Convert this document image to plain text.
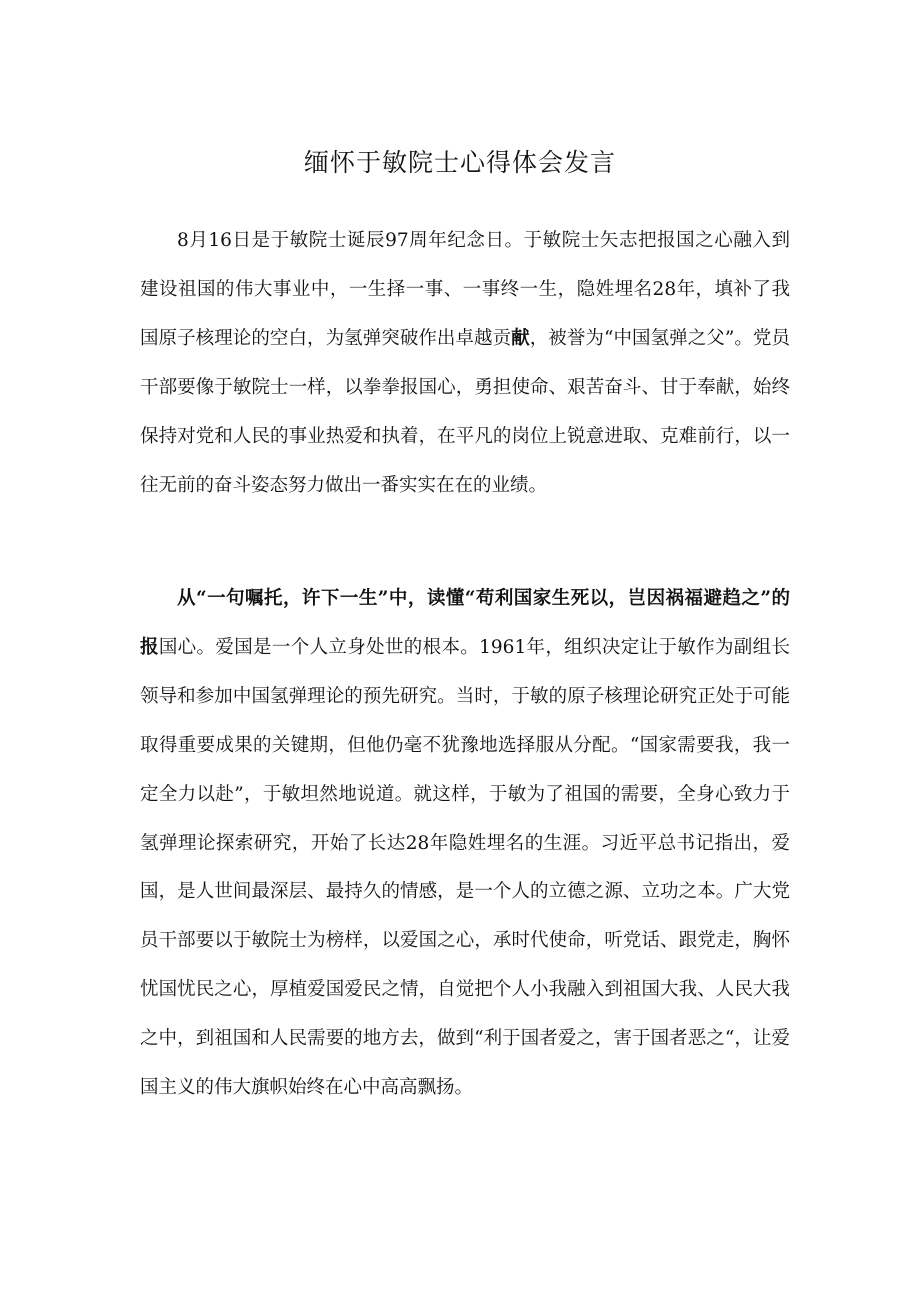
缅怀于敏院士心得体会发言

8月16日是于敏院士诞辰97周年纪念日。于敏院士矢志把报国之心融入到建设祖国的伟大事业中，一生择一事、一事终一生，隐姓埋名28年，填补了我国原子核理论的空白，为氢弹突破作出卓越贡献，被誉为“中国氢弹之父”。党员干部要像于敏院士一样，以拳拳报国心，勇担使命、艰苦奋斗、甘于奉献，始终保持对党和人民的事业热爱和执着，在平凡的岗位上锐意进取、克难前行，以一往无前的奋斗姿态努力做出一番实实在在的业绩。

从“一句嘱托，许下一生”中，读懂“苟利国家生死以，岂因祸福避趋之”的报国心。爱国是一个人立身处世的根本。1961年，组织决定让于敏作为副组长领导和参加中国氢弹理论的预先研究。当时，于敏的原子核理论研究正处于可能取得重要成果的关键期，但他仍毫不犹豫地选择服从分配。“国家需要我，我一定全力以赴”，于敏坦然地说道。就这样，于敏为了祖国的需要，全身心致力于氢弹理论探索研究，开始了长达28年隐姓埋名的生涯。习近平总书记指出，爱国，是人世间最深层、最持久的情感，是一个人的立德之源、立功之本。广大党员干部要以于敏院士为榜样，以爱国之心，承时代使命，听党话、跟党走，胸怀忧国忧民之心，厚植爱国爱民之情，自觉把个人小我融入到祖国大我、人民大我之中，到祖国和人民需要的地方去，做到“利于国者爱之，害于国者恶之“，让爱国主义的伟大旗帜始终在心中高高飘扬。
